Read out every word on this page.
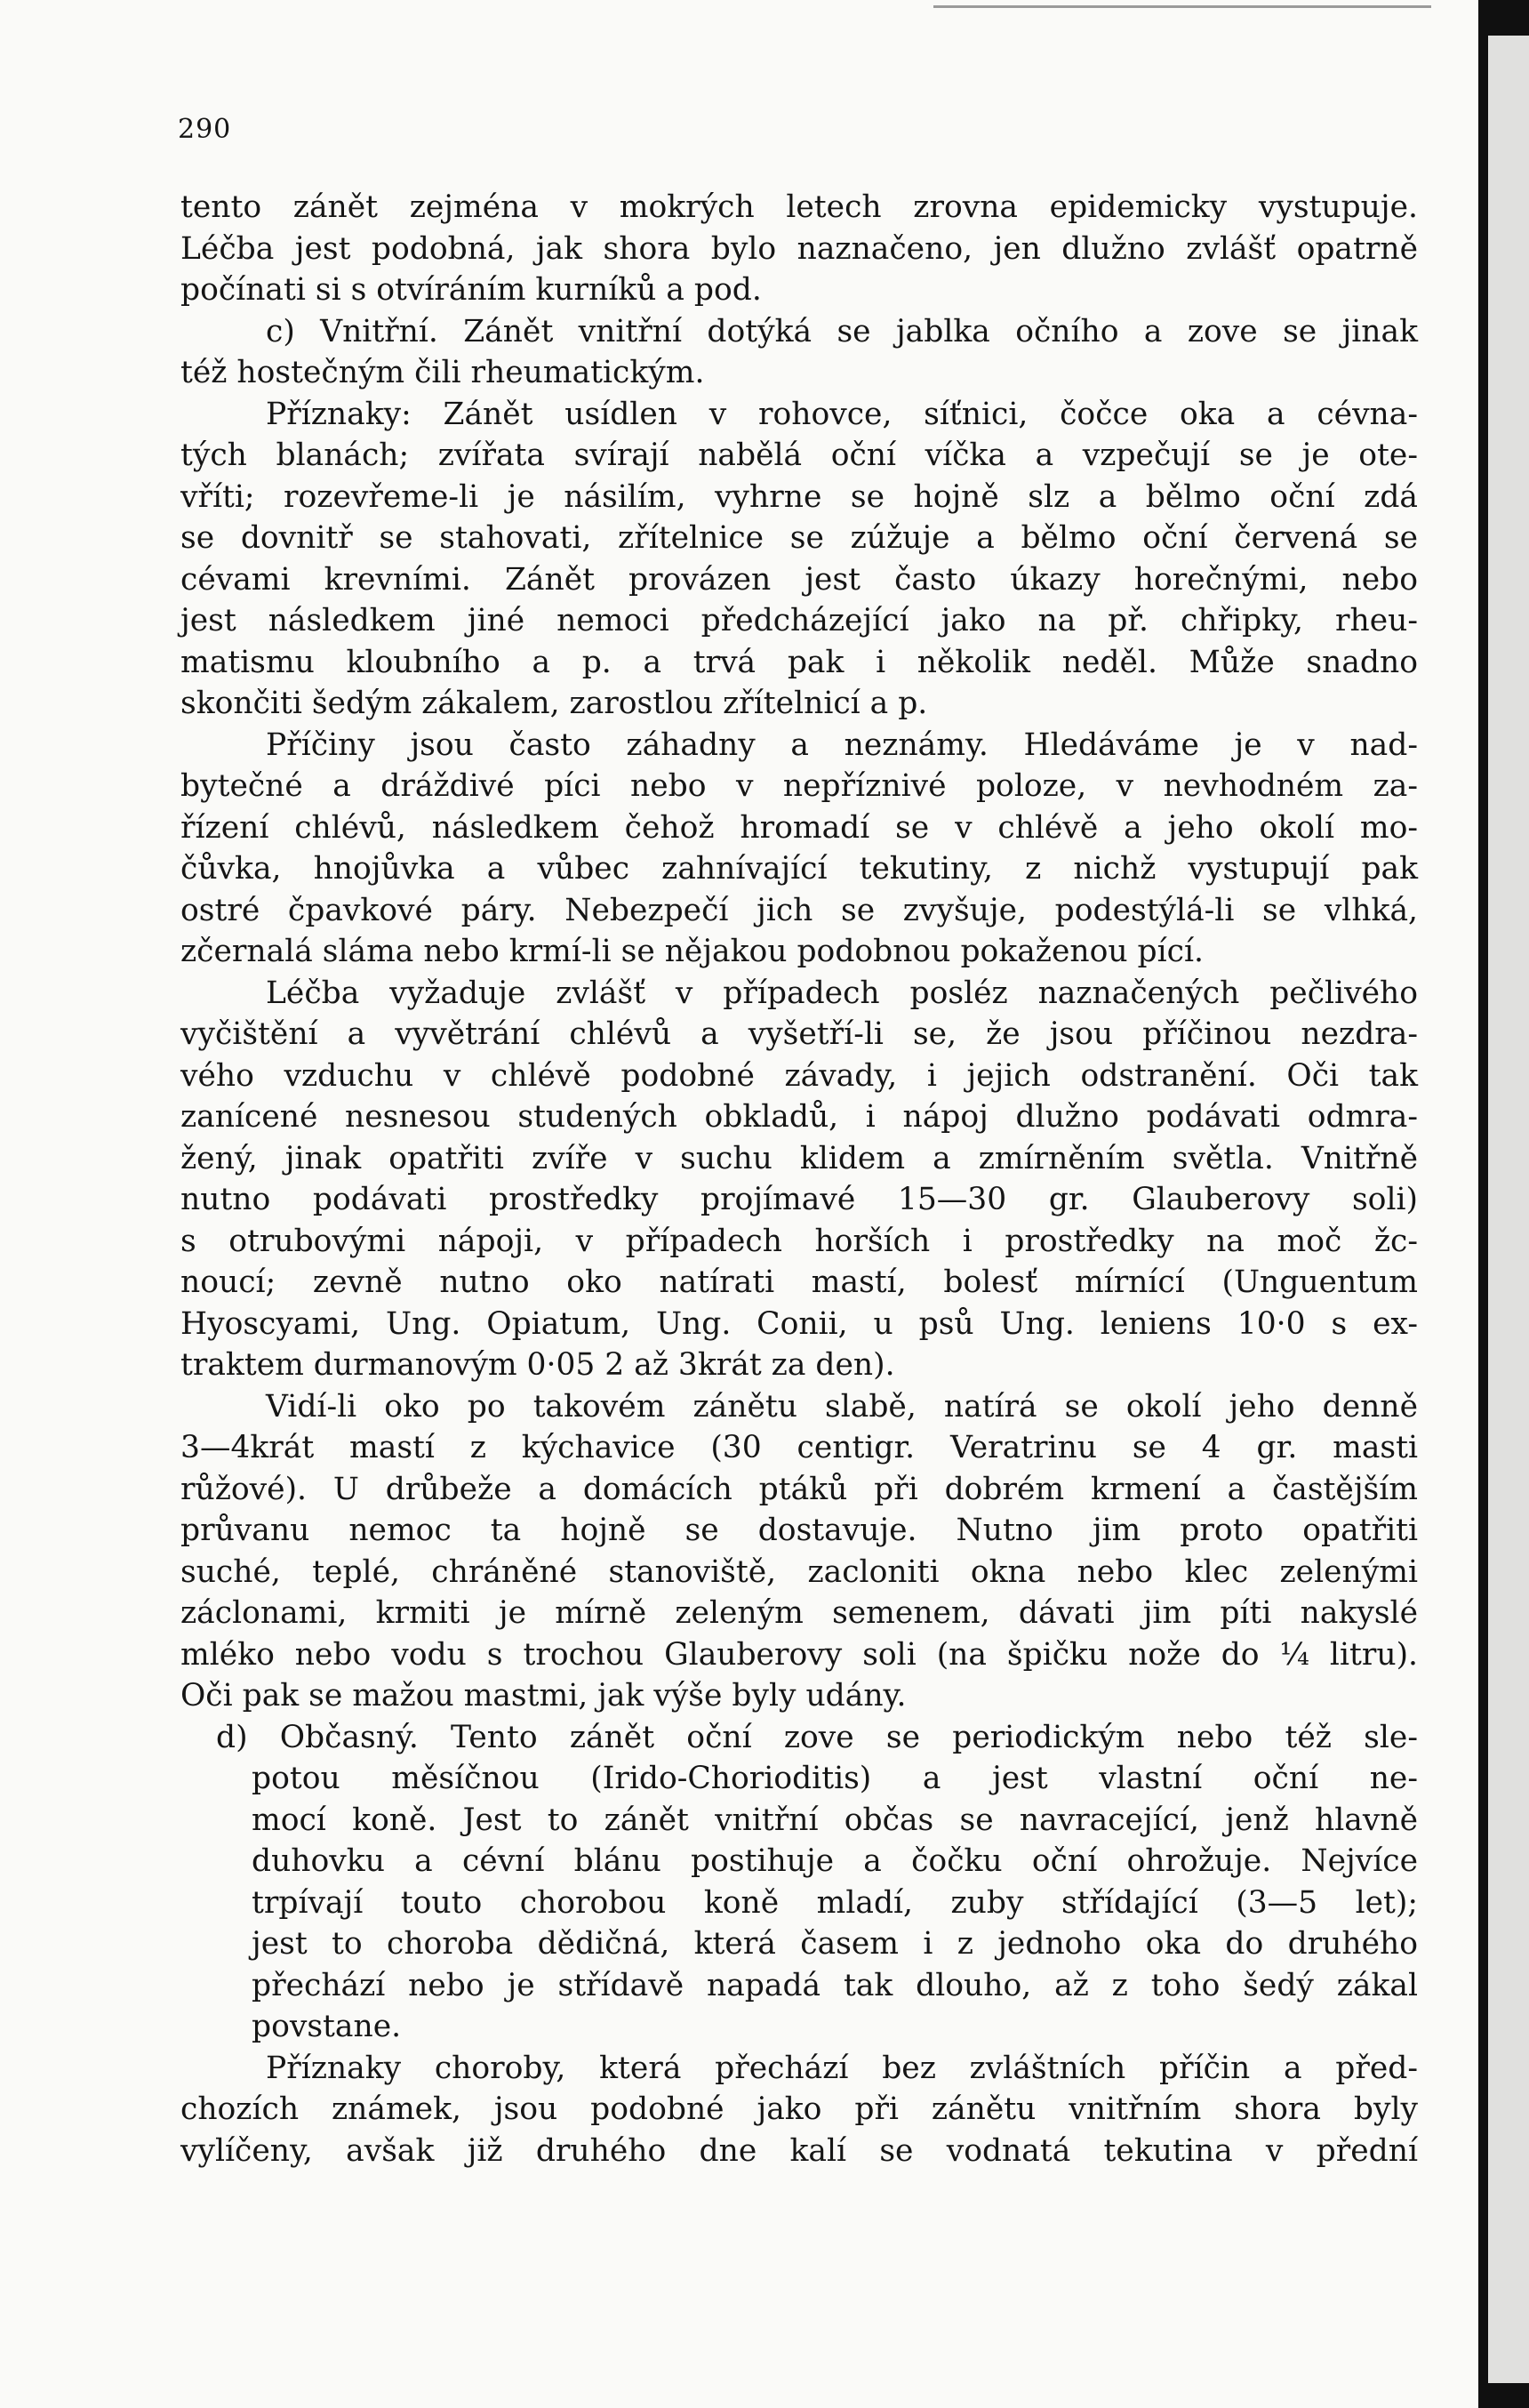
290
tento zánět zejména v mokrých letech zrovna epidemicky vystupuje.
Léčba jest podobná, jak shora bylo naznačeno, jen dlužno zvlášť opatrně
počínati si s otvíráním kurníků a pod.
c) Vnitřní. Zánět vnitřní dotýká se jablka očního a zove se jinak
též hostečným čili rheumatickým.
Příznaky: Zánět usídlen v rohovce, síťnici, čočce oka a cévna-
tých blanách; zvířata svírají nabělá oční víčka a vzpečují se je ote-
vříti; rozevřeme-li je násilím, vyhrne se hojně slz a bělmo oční zdá
se dovnitř se stahovati, zřítelnice se zúžuje a bělmo oční červená se
cévami krevními. Zánět provázen jest často úkazy horečnými, nebo
jest následkem jiné nemoci předcházející jako na př. chřipky, rheu-
matismu kloubního a p. a trvá pak i několik neděl. Může snadno
skončiti šedým zákalem, zarostlou zřítelnicí a p.
Příčiny jsou často záhadny a neznámy. Hledáváme je v nad-
bytečné a dráždivé píci nebo v nepříznivé poloze, v nevhodném za-
řízení chlévů, následkem čehož hromadí se v chlévě a jeho okolí mo-
čůvka, hnojůvka a vůbec zahnívající tekutiny, z nichž vystupují pak
ostré čpavkové páry. Nebezpečí jich se zvyšuje, podestýlá-li se vlhká,
zčernalá sláma nebo krmí-li se nějakou podobnou pokaženou pící.
Léčba vyžaduje zvlášť v případech posléz naznačených pečlivého
vyčištění a vyvětrání chlévů a vyšetří-li se, že jsou příčinou nezdra-
vého vzduchu v chlévě podobné závady, i jejich odstranění. Oči tak
zanícené nesnesou studených obkladů, i nápoj dlužno podávati odmra-
žený, jinak opatřiti zvíře v suchu klidem a zmírněním světla. Vnitřně
nutno podávati prostředky projímavé 15—30 gr. Glauberovy soli)
s otrubovými nápoji, v případech horších i prostředky na moč žc-
noucí; zevně nutno oko natírati mastí, bolesť mírnící (Unguentum
Hyoscyami, Ung. Opiatum, Ung. Conii, u psů Ung. leniens 10·0 s ex-
traktem durmanovým 0·05 2 až 3krát za den).
Vidí-li oko po takovém zánětu slabě, natírá se okolí jeho denně
3—4krát mastí z kýchavice (30 centigr. Veratrinu se 4 gr. masti
růžové). U drůbeže a domácích ptáků při dobrém krmení a častějším
průvanu nemoc ta hojně se dostavuje. Nutno jim proto opatřiti
suché, teplé, chráněné stanoviště, zacloniti okna nebo klec zelenými
záclonami, krmiti je mírně zeleným semenem, dávati jim píti nakyslé
mléko nebo vodu s trochou Glauberovy soli (na špičku nože do ¼ litru).
Oči pak se mažou mastmi, jak výše byly udány.
d) Občasný. Tento zánět oční zove se periodickým nebo též sle-
potou měsíčnou (Irido-Chorioditis) a jest vlastní oční ne-
mocí koně. Jest to zánět vnitřní občas se navracející, jenž hlavně
duhovku a cévní blánu postihuje a čočku oční ohrožuje. Nejvíce
trpívají touto chorobou koně mladí, zuby střídající (3—5 let);
jest to choroba dědičná, která časem i z jednoho oka do druhého
přechází nebo je střídavě napadá tak dlouho, až z toho šedý zákal
povstane.
Příznaky choroby, která přechází bez zvláštních příčin a před-
chozích známek, jsou podobné jako při zánětu vnitřním shora byly
vylíčeny, avšak již druhého dne kalí se vodnatá tekutina v přední
